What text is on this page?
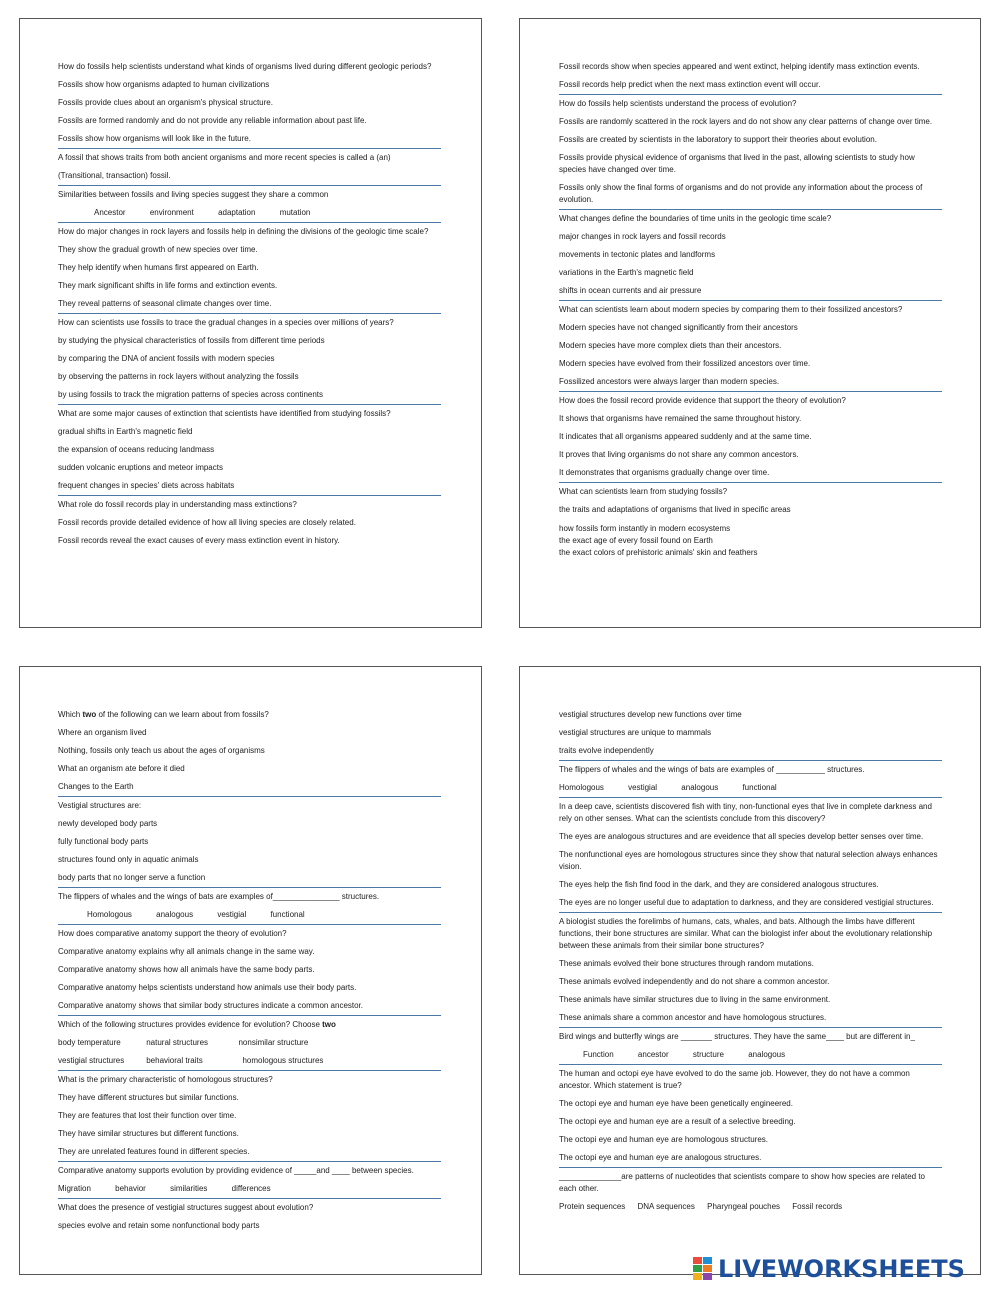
How do fossils help scientists understand what kinds of organisms lived during different geologic periods?
Fossils show how organisms adapted to human civilizations
Fossils provide clues about an organism's physical structure.
Fossils are formed randomly and do not provide any reliable information about past life.
Fossils show how organisms will look like in the future.
A fossil that shows traits from both ancient organisms and more recent species is called a (an)
(Transitional, transaction) fossil.
Similarities between fossils and living species suggest they share a common
Ancestor	environment	adaptation	mutation
How do major changes in rock layers and fossils help in defining the divisions of the geologic time scale?
They show the gradual growth of new species over time.
They help identify when humans first appeared on Earth.
They mark significant shifts in life forms and extinction events.
They reveal patterns of seasonal climate changes over time.
How can scientists use fossils to trace the gradual changes in a species over millions of years?
by studying the physical characteristics of fossils from different time periods
by comparing the DNA of ancient fossils with modern species
by observing the patterns in rock layers without analyzing the fossils
by using fossils to track the migration patterns of species across continents
What are some major causes of extinction that scientists have identified from studying fossils?
gradual shifts in Earth's magnetic field
the expansion of oceans reducing landmass
sudden volcanic eruptions and meteor impacts
frequent changes in species' diets across habitats
What role do fossil records play in understanding mass extinctions?
Fossil records provide detailed evidence of how all living species are closely related.
Fossil records reveal the exact causes of every mass extinction event in history.
Fossil records show when species appeared and went extinct, helping identify mass extinction events.
Fossil records help predict when the next mass extinction event will occur.
How do fossils help scientists understand the process of evolution?
Fossils are randomly scattered in the rock layers and do not show any clear patterns of change over time.
Fossils are created by scientists in the laboratory to support their theories about evolution.
Fossils provide physical evidence of organisms that lived in the past, allowing scientists to study how species have changed over time.
Fossils only show the final forms of organisms and do not provide any information about the process of evolution.
What changes define the boundaries of time units in the geologic time scale?
major changes in rock layers and fossil records
movements in tectonic plates and landforms
variations in the Earth's magnetic field
shifts in ocean currents and air pressure
What can scientists learn about modern species by comparing them to their fossilized ancestors?
Modern species have not changed significantly from their ancestors
Modern species have more complex diets than their ancestors.
Modern species have evolved from their fossilized ancestors over time.
Fossilized ancestors were always larger than modern species.
How does the fossil record provide evidence that support the theory of evolution?
It shows that organisms have remained the same throughout history.
It indicates that all organisms appeared suddenly and at the same time.
It proves that living organisms do not share any common ancestors.
It demonstrates that organisms gradually change over time.
What can scientists learn from studying fossils?
the traits and adaptations of organisms that lived in specific areas
how fossils form instantly in modern ecosystems
the exact age of every fossil found on Earth
the exact colors of prehistoric animals' skin and feathers
Which two of the following can we learn about from fossils?
Where an organism lived
Nothing, fossils only teach us about the ages of organisms
What an organism ate before it died
Changes to the Earth
Vestigial structures are:
newly developed body parts
fully functional body parts
structures found only in aquatic animals
body parts that no longer serve a function
The flippers of whales and the wings of bats are examples of_______________ structures.
Homologous	analogous	vestigial	functional
How does comparative anatomy support the theory of evolution?
Comparative anatomy explains why all animals change in the same way.
Comparative anatomy shows how all animals have the same body parts.
Comparative anatomy helps scientists understand how animals use their body parts.
Comparative anatomy shows that similar body structures indicate a common ancestor.
Which of the following structures provides evidence for evolution? Choose two
body temperature	natural structures	nonsimilar structure
vestigial structures	behavioral traits	homologous structures
What is the primary characteristic of homologous structures?
They have different structures but similar functions.
They are features that lost their function over time.
They have similar structures but different functions.
They are unrelated features found in different species.
Comparative anatomy supports evolution by providing evidence of _____and ____ between species.
Migration	behavior	similarities	differences
What does the presence of vestigial structures suggest about evolution?
species evolve and retain some nonfunctional body parts
vestigial structures develop new functions over time
vestigial structures are unique to mammals
traits evolve independently
The flippers of whales and the wings of bats are examples of ___________ structures.
Homologous	vestigial	analogous	functional
In a deep cave, scientists discovered fish with tiny, non-functional eyes that live in complete darkness and rely on other senses. What can the scientists conclude from this discovery?
The eyes are analogous structures and are eveidence that all species develop better senses over time.
The nonfunctional eyes are homologous structures since they show that natural selection always enhances vision.
The eyes help the fish find food in the dark, and they are considered analogous structures.
The eyes are no longer useful due to adaptation to darkness, and they are considered vestigial structures.
A biologist studies the forelimbs of humans, cats, whales, and bats. Although the limbs have different functions, their bone structures are similar. What can the biologist infer about the evolutionary relationship between these animals from their similar bone structures?
These animals evolved their bone structures through random mutations.
These animals evolved independently and do not share a common ancestor.
These animals have similar structures due to living in the same environment.
These animals share a common ancestor and have homologous structures.
Bird wings and butterfly wings are _______ structures. They have the same____ but are different in_
Function	ancestor	structure	analogous
The human and octopi eye have evolved to do the same job. However, they do not have a common ancestor. Which statement is true?
The octopi eye and human eye have been genetically engineered.
The octopi eye and human eye are a result of a selective breeding.
The octopi eye and human eye are homologous structures.
The octopi eye and human eye are analogous structures.
______________are patterns of nucleotides that scientists compare to show how species are related to each other.
Protein sequences DNA sequences Pharyngeal pouches Fossil records
LIVEWORKSHEETS
